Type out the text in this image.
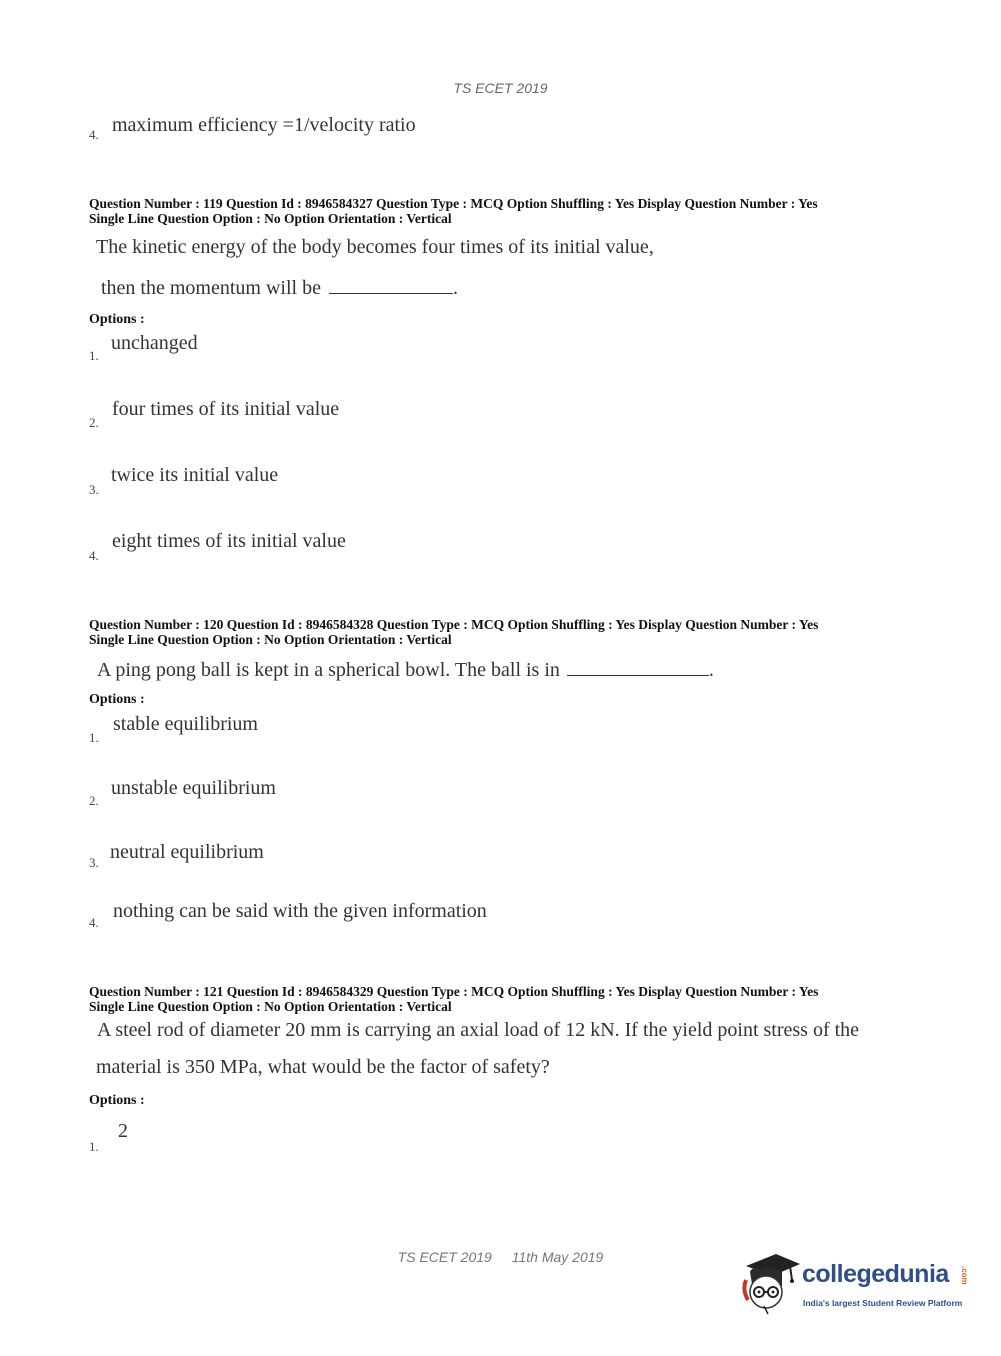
TS ECET 2019
4. maximum efficiency =1/velocity ratio
Question Number : 119 Question Id : 8946584327 Question Type : MCQ Option Shuffling : Yes Display Question Number : Yes
Single Line Question Option : No Option Orientation : Vertical
The kinetic energy of the body becomes four times of its initial value,
then the momentum will be	.
Options :
1.
unchanged
2.
four times of its initial value
3.
twice its initial value
4.
eight times of its initial value
Question Number : 120 Question Id : 8946584328 Question Type : MCQ Option Shuffling : Yes Display Question Number : Yes
Single Line Question Option : No Option Orientation : Vertical
A ping pong ball is kept in a spherical bowl. The ball is in	.
Options :
1.
stable equilibrium
2.
unstable equilibrium
3. neutral equilibrium
4.
nothing can be said with the given information
Question Number : 121 Question Id : 8946584329 Question Type : MCQ Option Shuffling : Yes Display Question Number : Yes
Single Line Question Option : No Option Orientation : Vertical
A steel rod of diameter 20 mm is carrying an axial load of 12 kN. If the yield point stress of the
material is 350 MPa, what would be the factor of safety?
Options :
1.
2
TS ECET 2019 11th May 2019
collegedunia .com
India's largest Student Review Platform
